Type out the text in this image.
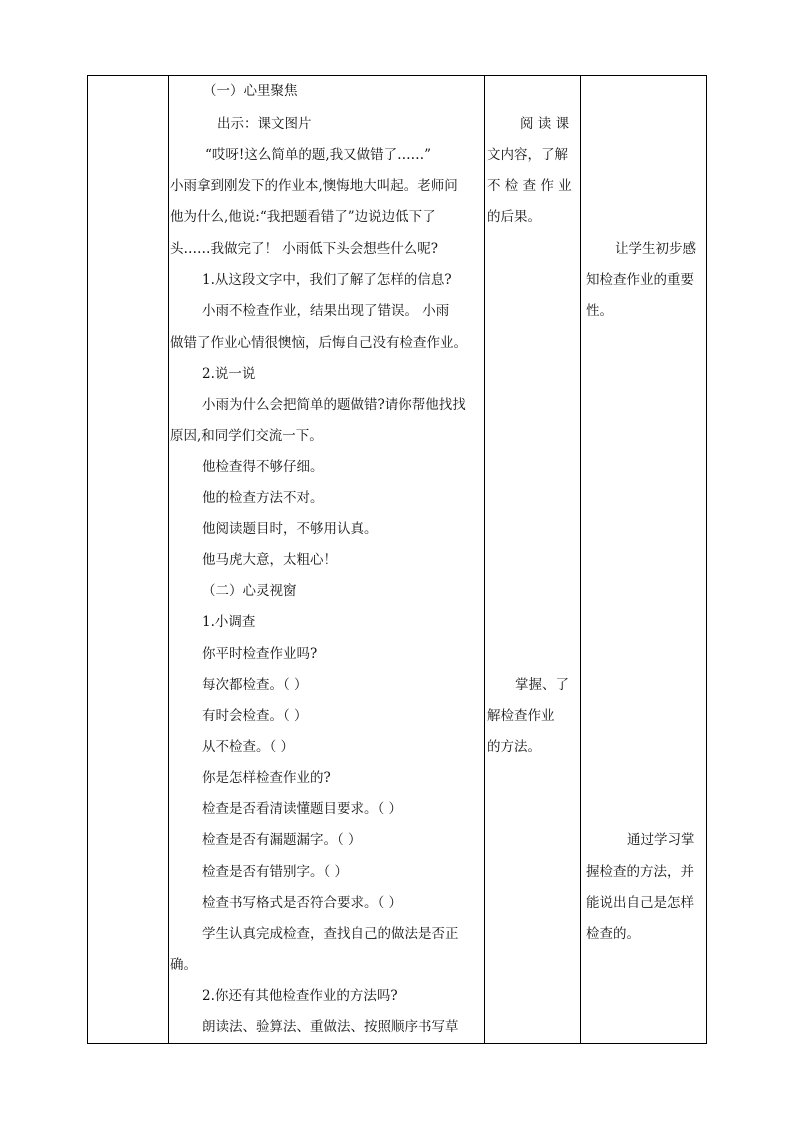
（一）心里聚焦
出示：课文图片
“哎呀!这么简单的题,我又做错了……”
小雨拿到刚发下的作业本,懊悔地大叫起。老师问
他为什么,他说:“我把题看错了”边说边低下了
头……我做完了！ 小雨低下头会想些什么呢?
1.从这段文字中，我们了解了怎样的信息?
小雨不检查作业，结果出现了错误。 小雨
做错了作业心情很懊恼，后悔自己没有检查作业。
2.说一说
小雨为什么会把简单的题做错?请你帮他找找
原因,和同学们交流一下。
他检查得不够仔细。
他的检查方法不对。
他阅读题目时，不够用认真。
他马虎大意，太粗心！
（二）心灵视窗
1.小调查
你平时检查作业吗?
每次都检查。（ ）
有时会检查。（ ）
从不检查。（ ）
你是怎样检查作业的?
检查是否看清读懂题目要求。（ ）
检查是否有漏题漏字。（ ）
检查是否有错别字。（ ）
检查书写格式是否符合要求。（ ）
学生认真完成检查，查找自己的做法是否正
确。
2.你还有其他检查作业的方法吗?
朗读法、验算法、重做法、按照顺序书写草
阅 读 课
文内容，了解
不 检 查 作 业
的后果。
掌握、了
解检查作业
的方法。
让学生初步感
知检查作业的重要
性。
通过学习掌
握检查的方法，并
能说出自己是怎样
检查的。
